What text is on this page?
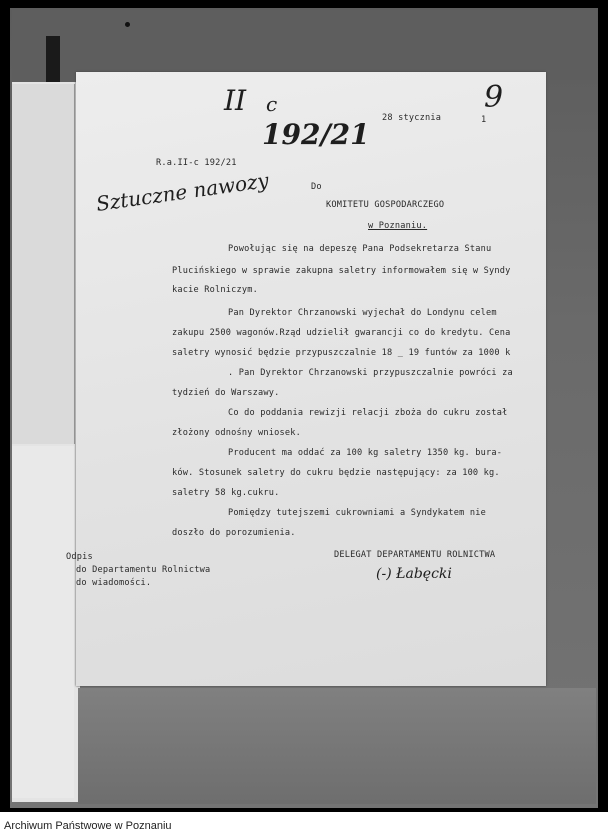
II c
192/21
9
Sztuczne nawozy
28 stycznia	1
R.a.II-c 192/21
Do
KOMITETU GOSPODARCZEGO
w Poznaniu.
Powołując się na depeszę Pana Podsekretarza Stanu
Pluciński​ego w sprawie zakupna saletry informowałem się w Syndy
kacie Rolniczym.
Pan Dyrektor Chrzanowski wyjechał do Londynu celem
zakupu 2500 wagonów.Rząd udzielił gwarancji co do kredytu. Cena
saletry wynosić będzie przypuszczalnie 18 _ 19 funtów za 1000 k
. Pan Dyrektor Chrzanowski przypuszczalnie powróci za
tydzień do Warszawy.
Co do poddania rewizji relacji zboża do cukru został
złożony odnośny wniosek.
Producent ma oddać za 100 kg saletry 1350 kg. bura-
ków. Stosunek saletry do cukru będzie następujący: za 100 kg.
saletry 58 kg.cukru.
Pomiędzy tutejszemi cukrowniami a Syndykatem nie
doszło do porozumienia.
Odpis
do Departamentu Rolnictwa
do wiadomości.
DELEGAT DEPARTAMENTU ROLNICTWA
(-) Łabęcki
Archiwum Państwowe w Poznaniu
